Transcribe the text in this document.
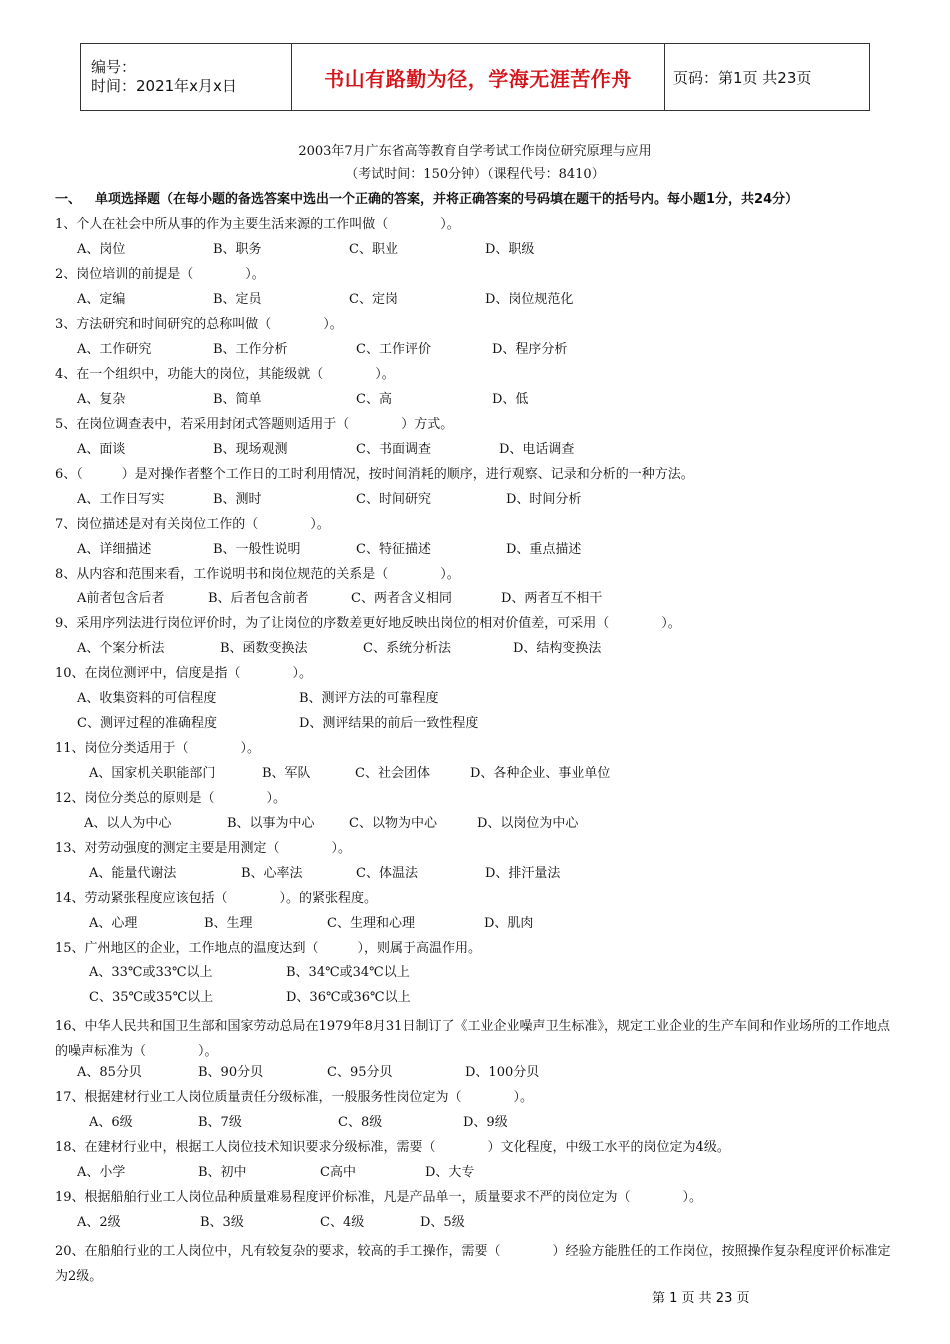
编号：
时间：2021年x月x日	书山有路勤为径，学海无涯苦作舟	页码：第1页 共23页
2003年7月广东省高等教育自学考试工作岗位研究原理与应用
（考试时间：150分钟）（课程代号：8410）
一、 单项选择题（在每小题的备选答案中选出一个正确的答案，并将正确答案的号码填在题干的括号内。每小题1分，共24分）
1、个人在社会中所从事的作为主要生活来源的工作叫做（　　　　）。
A、岗位	B、职务	C、职业	D、职级
2、岗位培训的前提是（　　　　）。
A、定编	B、定员	C、定岗	D、岗位规范化
3、方法研究和时间研究的总称叫做（　　　　）。
A、工作研究	B、工作分析	C、工作评价	D、程序分析
4、在一个组织中，功能大的岗位，其能级就（　　　　）。
A、复杂	B、简单	C、高	D、低
5、在岗位调查表中，若采用封闭式答题则适用于（　　　　）方式。
A、面谈	B、现场观测	C、书面调查	D、电话调查
6、（　　　）是对操作者整个工作日的工时利用情况，按时间消耗的顺序，进行观察、记录和分析的一种方法。
A、工作日写实	B、测时	C、时间研究	D、时间分析
7、岗位描述是对有关岗位工作的（　　　　）。
A、详细描述	B、一般性说明	C、特征描述	D、重点描述
8、从内容和范围来看，工作说明书和岗位规范的关系是（　　　　）。
A前者包含后者	B、后者包含前者	C、两者含义相同	D、两者互不相干
9、采用序列法进行岗位评价时，为了让岗位的序数差更好地反映出岗位的相对价值差，可采用（　　　　）。
A、个案分析法	B、函数变换法	C、系统分析法	D、结构变换法
10、在岗位测评中，信度是指（　　　　）。
A、收集资料的可信程度	B、测评方法的可靠程度
C、测评过程的准确程度	D、测评结果的前后一致性程度
11、岗位分类适用于（　　　　）。
A、国家机关职能部门	B、军队	C、社会团体	D、各种企业、事业单位
12、岗位分类总的原则是（　　　　）。
A、以人为中心	B、以事为中心	C、以物为中心	D、以岗位为中心
13、对劳动强度的测定主要是用测定（　　　　）。
A、能量代谢法	B、心率法	C、体温法	D、排汗量法
14、劳动紧张程度应该包括（　　　　）。的紧张程度。
A、心理	B、生理	C、生理和心理	D、肌肉
15、广州地区的企业，工作地点的温度达到（　　　），则属于高温作用。
A、33℃或33℃以上	B、34℃或34℃以上
C、35℃或35℃以上	D、36℃或36℃以上
16、中华人民共和国卫生部和国家劳动总局在1979年8月31日制订了《工业企业噪声卫生标准》，规定工业企业的生产车间和作业场所的工作地点的噪声标准为（　　　　）。
A、85分贝	B、90分贝	C、95分贝	D、100分贝
17、根据建材行业工人岗位质量责任分级标准，一般服务性岗位定为（　　　　）。
A、6级	B、7级	C、8级	D、9级
18、在建材行业中，根据工人岗位技术知识要求分级标准，需要（　　　　）文化程度，中级工水平的岗位定为4级。
A、小学	B、初中	C高中	D、大专
19、根据船舶行业工人岗位品种质量难易程度评价标准，凡是产品单一，质量要求不严的岗位定为（　　　　）。
A、2级	B、3级	C、4级	D、5级
20、在船舶行业的工人岗位中，凡有较复杂的要求，较高的手工操作，需要（　　　　）经验方能胜任的工作岗位，按照操作复杂程度评价标准定为2级。
第 1 页 共 23 页
